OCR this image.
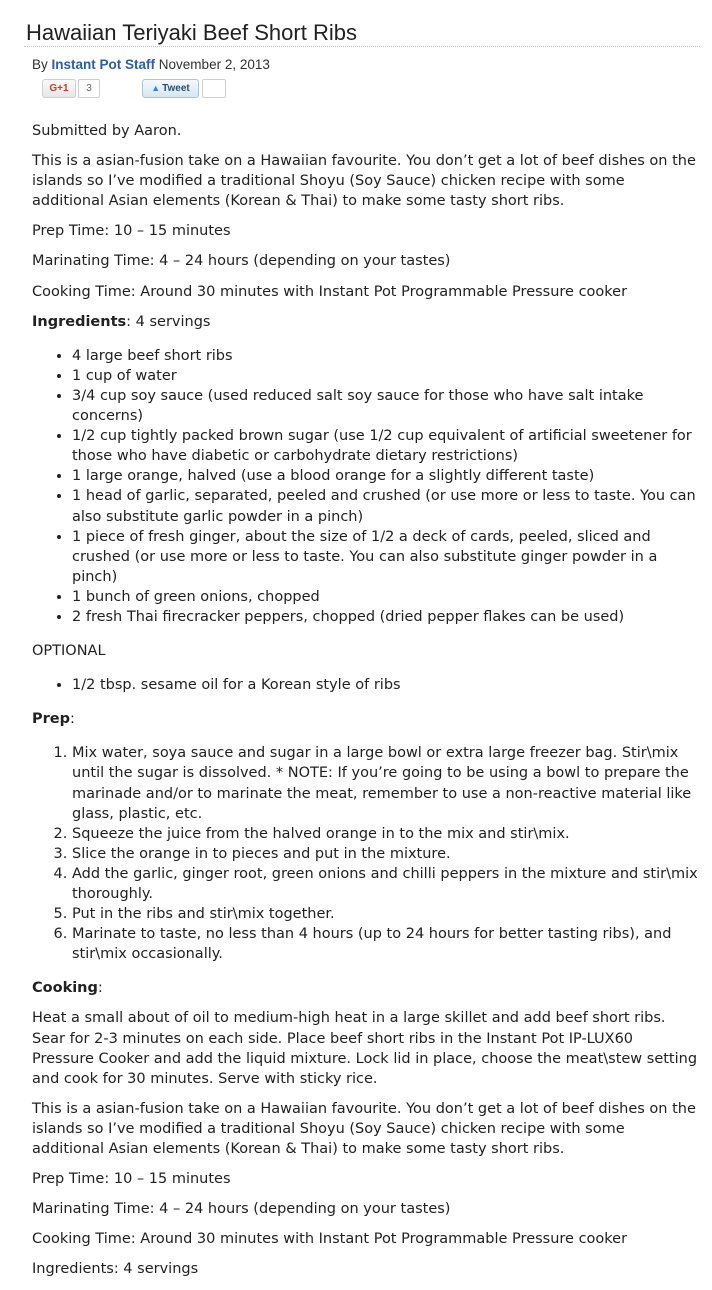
Hawaiian Teriyaki Beef Short Ribs
By Instant Pot Staff November 2, 2013
G+1	3	▲ Tweet

Submitted by Aaron.

This is a asian-fusion take on a Hawaiian favourite. You don’t get a lot of beef dishes on the islands so I’ve modified a traditional Shoyu (Soy Sauce) chicken recipe with some additional Asian elements (Korean & Thai) to make some tasty short ribs.

Prep Time: 10 – 15 minutes

Marinating Time: 4 – 24 hours (depending on your tastes)

Cooking Time: Around 30 minutes with Instant Pot Programmable Pressure cooker

Ingredients: 4 servings

• 4 large beef short ribs
• 1 cup of water
• 3/4 cup soy sauce (used reduced salt soy sauce for those who have salt intake concerns)
• 1/2 cup tightly packed brown sugar (use 1/2 cup equivalent of artificial sweetener for those who have diabetic or carbohydrate dietary restrictions)
• 1 large orange, halved (use a blood orange for a slightly different taste)
• 1 head of garlic, separated, peeled and crushed (or use more or less to taste. You can also substitute garlic powder in a pinch)
• 1 piece of fresh ginger, about the size of 1/2 a deck of cards, peeled, sliced and crushed (or use more or less to taste. You can also substitute ginger powder in a pinch)
• 1 bunch of green onions, chopped
• 2 fresh Thai firecracker peppers, chopped (dried pepper flakes can be used)

OPTIONAL

• 1/2 tbsp. sesame oil for a Korean style of ribs

Prep:

1. Mix water, soya sauce and sugar in a large bowl or extra large freezer bag. Stir\mix until the sugar is dissolved. * NOTE: If you’re going to be using a bowl to prepare the marinade and/or to marinate the meat, remember to use a non-reactive material like glass, plastic, etc.
2. Squeeze the juice from the halved orange in to the mix and stir\mix.
3. Slice the orange in to pieces and put in the mixture.
4. Add the garlic, ginger root, green onions and chilli peppers in the mixture and stir\mix thoroughly.
5. Put in the ribs and stir\mix together.
6. Marinate to taste, no less than 4 hours (up to 24 hours for better tasting ribs), and stir\mix occasionally.

Cooking:

Heat a small about of oil to medium-high heat in a large skillet and add beef short ribs. Sear for 2-3 minutes on each side. Place beef short ribs in the Instant Pot IP-LUX60 Pressure Cooker and add the liquid mixture. Lock lid in place, choose the meat\stew setting and cook for 30 minutes. Serve with sticky rice.

This is a asian-fusion take on a Hawaiian favourite. You don’t get a lot of beef dishes on the islands so I’ve modified a traditional Shoyu (Soy Sauce) chicken recipe with some additional Asian elements (Korean & Thai) to make some tasty short ribs.

Prep Time: 10 – 15 minutes

Marinating Time: 4 – 24 hours (depending on your tastes)

Cooking Time: Around 30 minutes with Instant Pot Programmable Pressure cooker

Ingredients: 4 servings
